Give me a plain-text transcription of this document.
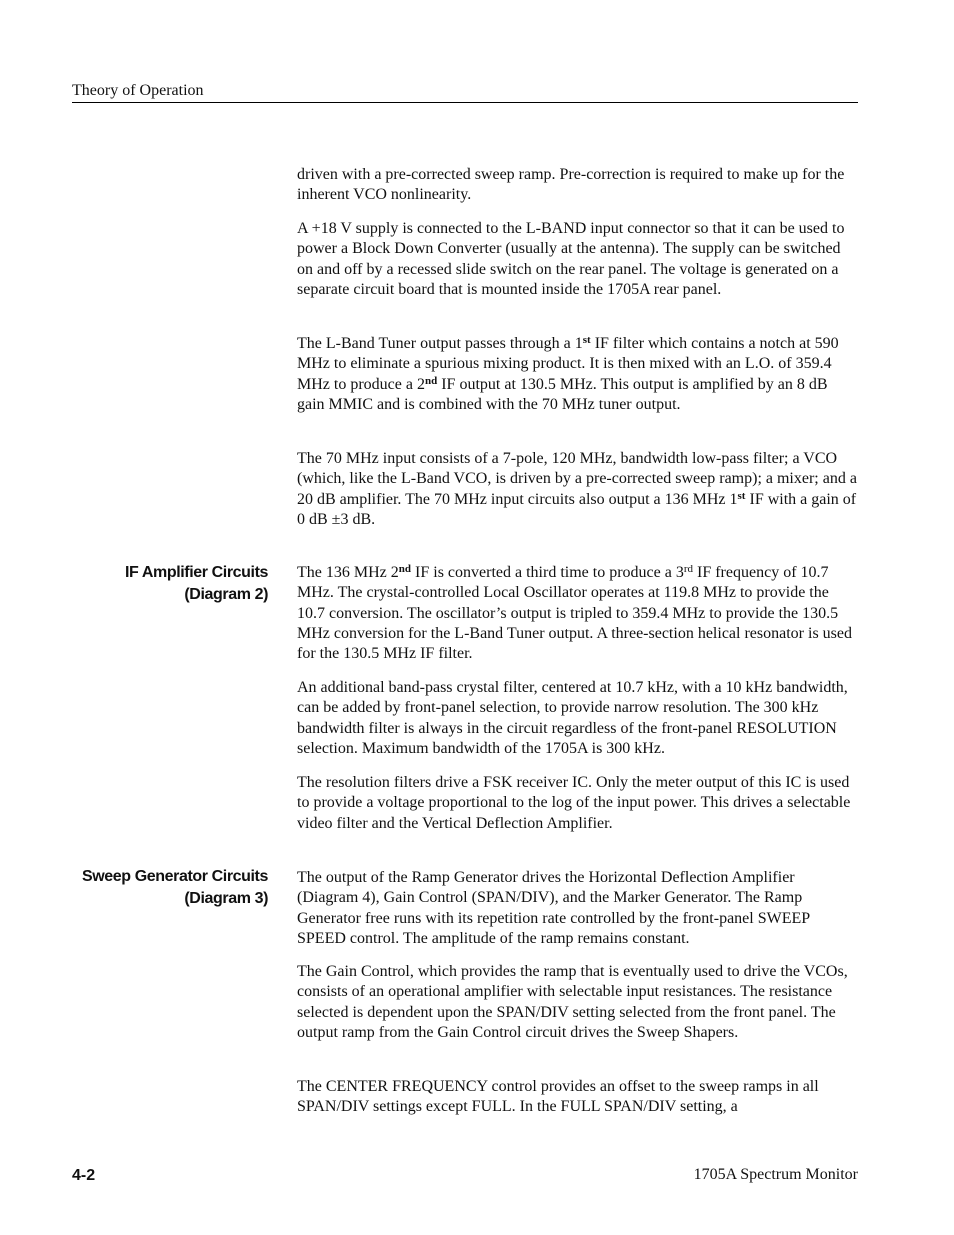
Theory of Operation

driven with a pre-corrected sweep ramp. Pre-correction is required to make up for the inherent VCO nonlinearity.

A +18 V supply is connected to the L-BAND input connector so that it can be used to power a Block Down Converter (usually at the antenna). The supply can be switched on and off by a recessed slide switch on the rear panel. The voltage is generated on a separate circuit board that is mounted inside the 1705A rear panel.

The L-Band Tuner output passes through a 1st IF filter which contains a notch at 590 MHz to eliminate a spurious mixing product. It is then mixed with an L.O. of 359.4 MHz to produce a 2nd IF output at 130.5 MHz. This output is amplified by an 8 dB gain MMIC and is combined with the 70 MHz tuner output.

The 70 MHz input consists of a 7-pole, 120 MHz, bandwidth low-pass filter; a VCO (which, like the L-Band VCO, is driven by a pre-corrected sweep ramp); a mixer; and a 20 dB amplifier. The 70 MHz input circuits also output a 136 MHz 1st IF with a gain of 0 dB ±3 dB.

IF Amplifier Circuits
(Diagram 2)

The 136 MHz 2nd IF is converted a third time to produce a 3rd IF frequency of 10.7 MHz. The crystal-controlled Local Oscillator operates at 119.8 MHz to provide the 10.7 conversion. The oscillator’s output is tripled to 359.4 MHz to provide the 130.5 MHz conversion for the L-Band Tuner output. A three-section helical resonator is used for the 130.5 MHz IF filter.

An additional band-pass crystal filter, centered at 10.7 kHz, with a 10 kHz bandwidth, can be added by front-panel selection, to provide narrow resolution. The 300 kHz bandwidth filter is always in the circuit regardless of the front-panel RESOLUTION selection. Maximum bandwidth of the 1705A is 300 kHz.

The resolution filters drive a FSK receiver IC. Only the meter output of this IC is used to provide a voltage proportional to the log of the input power. This drives a selectable video filter and the Vertical Deflection Amplifier.

Sweep Generator Circuits
(Diagram 3)

The output of the Ramp Generator drives the Horizontal Deflection Amplifier (Diagram 4), Gain Control (SPAN/DIV), and the Marker Generator. The Ramp Generator free runs with its repetition rate controlled by the front-panel SWEEP SPEED control. The amplitude of the ramp remains constant.

The Gain Control, which provides the ramp that is eventually used to drive the VCOs, consists of an operational amplifier with selectable input resistances. The resistance selected is dependent upon the SPAN/DIV setting selected from the front panel. The output ramp from the Gain Control circuit drives the Sweep Shapers.

The CENTER FREQUENCY control provides an offset to the sweep ramps in all SPAN/DIV settings except FULL. In the FULL SPAN/DIV setting, a

4-2	1705A Spectrum Monitor
